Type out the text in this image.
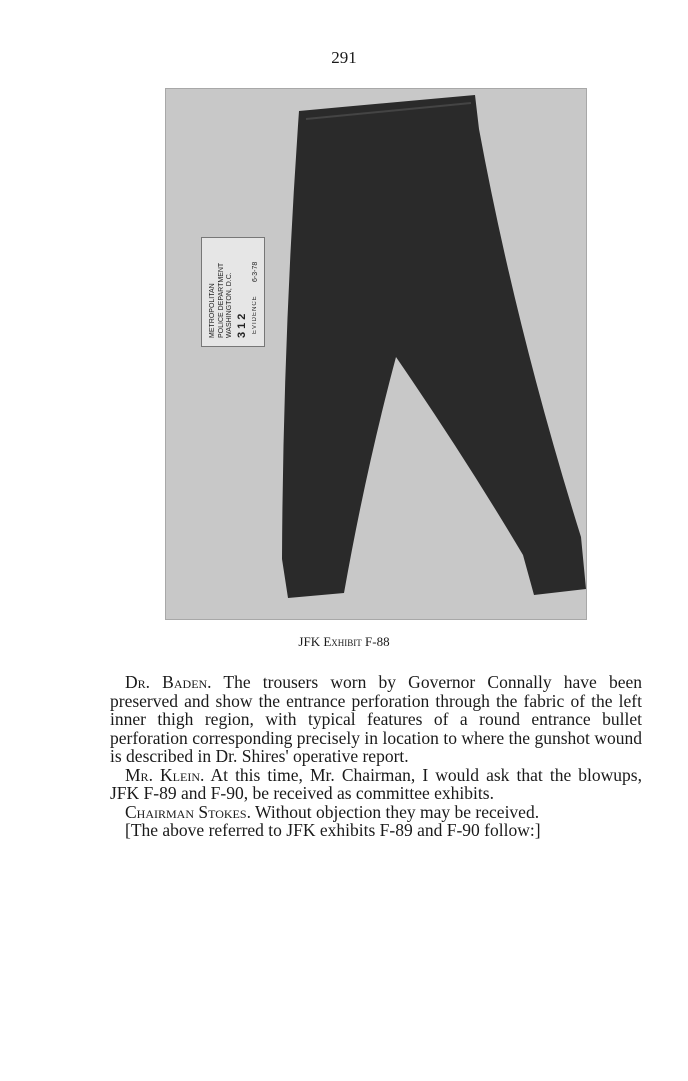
291
METROPOLITAN POLICE DEPARTMENT WASHINGTON, D.C. 312
6-3-78
EVIDENCE
JFK Exhibit F-88

Dr. Baden. The trousers worn by Governor Connally have been preserved and show the entrance perforation through the fabric of the left inner thigh region, with typical features of a round entrance bullet perforation corresponding precisely in location to where the gunshot wound is described in Dr. Shires' operative report.

Mr. Klein. At this time, Mr. Chairman, I would ask that the blowups, JFK F-89 and F-90, be received as committee exhibits.

Chairman Stokes. Without objection they may be received.

[The above referred to JFK exhibits F-89 and F-90 follow:]
